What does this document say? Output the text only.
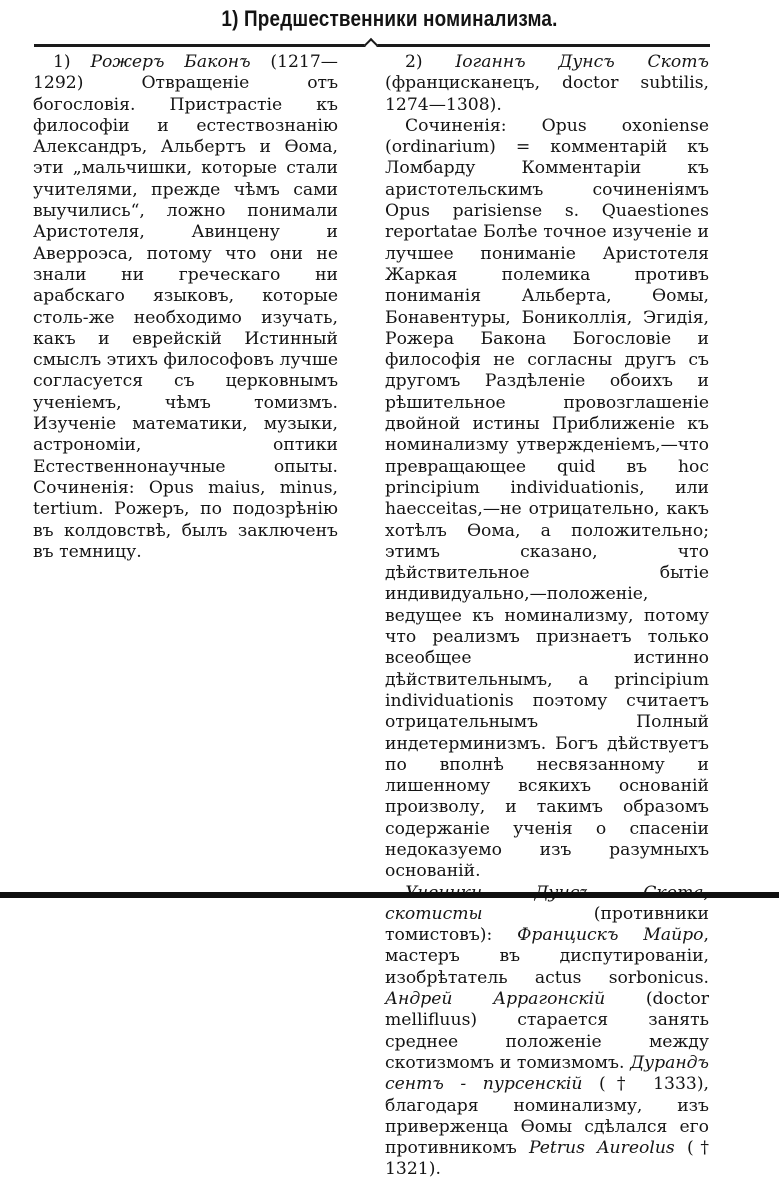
1) Предшественники номинализма.

1) Рожеръ Баконъ (1217—1292)	Отвращеніе отъ богословія. Пристрастіе къ философіи и естествознанію Александръ, Альбертъ и Ѳома, эти „мальчишки, которые стали учителями, прежде чѣмъ сами выучились“, ложно понимали Аристотеля, Авинцену и Аверроэса, потому что они не знали ни греческаго ни арабскаго языковъ, которые столь-же необходимо изучать, какъ и еврейскій Истинный смыслъ этихъ философовъ лучше согласуется съ церковнымъ ученіемъ, чѣмъ томизмъ. Изученіе математики, музыки, астрономіи, оптики Естественнонаучные опыты. Сочиненія: Opus maius, minus, tertium. Рожеръ, по подозрѣнію въ колдовствѣ, былъ заключенъ въ темницу.

2) Іоганнъ Дунсъ Скотъ (францисканецъ, doctor subtilis, 1274—1308).

Сочиненія: Opus oxoniense (ordinarium) = комментарій къ Ломбарду Комментаріи къ аристотельскимъ сочиненіямъ Opus parisiense s. Quaestiones reportatae Болѣе точное изученіе и лучшее пониманіе Аристотеля Жаркая полемика противъ пониманія Альберта, Ѳомы, Бонавентуры, Бониколлія, Эгидія, Рожера Бакона Богословіе и философія не согласны другъ съ другомъ Раздѣленіе обоихъ и рѣшительное провозглашеніе двойной истины Приближеніе къ номинализму утвержденіемъ,—что превращающее quid въ hoc principium individuationis, или haecceitas,—не отрицательно, какъ хотѣлъ Ѳома, а положительно; этимъ сказано, что дѣйствительное бытіе индивидуально,—положеніе, ведущее къ номинализму, потому что реализмъ признаетъ только всеобщее истинно дѣйствительнымъ, а principium individuationis поэтому считаетъ отрицательнымъ Полный индетерминизмъ. Богъ дѣйствуетъ по вполнѣ несвязанному и лишенному всякихъ основаній произволу, и такимъ образомъ содержаніе ученія о спасеніи недоказуемо изъ разумныхъ основаній.

скотисты	(противники томистовъ): Францискъ Майро, мастеръ въ диспутированіи, изобрѣтатель actus sorbonicus. Андрей Аррагонскій (doctor mellifluus) старается занять среднее положеніе между скотизмомъ и томизмомъ. Дурандъ сентъ - пурсенскій († 1333), благодаря номинализму, изъ приверженца Ѳомы сдѣлался его противникомъ Petrus Aureolus († 1321).
